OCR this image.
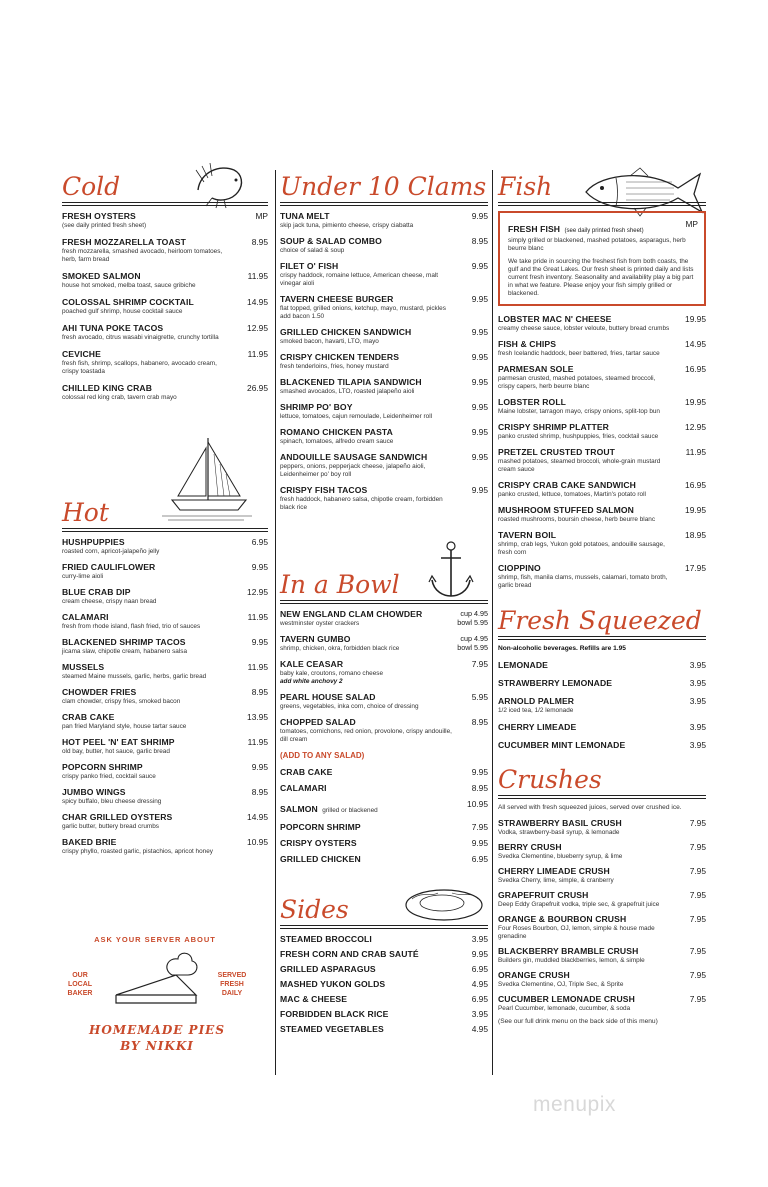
Cold
FRESH OYSTERS	MP
(see daily printed fresh sheet)
FRESH MOZZARELLA TOAST	8.95
fresh mozzarella, smashed avocado, heirloom tomatoes, herb, farm bread
SMOKED SALMON	11.95
house hot smoked, melba toast, sauce gribiche
COLOSSAL SHRIMP COCKTAIL	14.95
poached gulf shrimp, house cocktail sauce
AHI TUNA POKE TACOS	12.95
fresh avocado, citrus wasabi vinaigrette, crunchy tortilla
CEVICHE	11.95
fresh fish, shrimp, scallops, habanero, avocado cream, crispy toastada
CHILLED KING CRAB	26.95
colossal red king crab, tavern crab mayo
Hot
HUSHPUPPIES	6.95
roasted corn, apricot-jalapeño jelly
FRIED CAULIFLOWER	9.95
curry-lime aioli
BLUE CRAB DIP	12.95
cream cheese, crispy naan bread
CALAMARI	11.95
fresh from rhode island, flash fried, trio of sauces
BLACKENED SHRIMP TACOS	9.95
jicama slaw, chipotle cream, habanero salsa
MUSSELS	11.95
steamed Maine mussels, garlic, herbs, garlic bread
CHOWDER FRIES	8.95
clam chowder, crispy fries, smoked bacon
CRAB CAKE	13.95
pan fried Maryland style, house tartar sauce
HOT PEEL 'N' EAT SHRIMP	11.95
old bay, butter, hot sauce, garlic bread
POPCORN SHRIMP	9.95
crispy panko fried, cocktail sauce
JUMBO WINGS	8.95
spicy buffalo, bleu cheese dressing
CHAR GRILLED OYSTERS	14.95
garlic butter, buttery bread crumbs
BAKED BRIE	10.95
crispy phyllo, roasted garlic, pistachios, apricot honey
ASK YOUR SERVER ABOUT
OUR LOCAL BAKER
SERVED FRESH DAILY
HOMEMADE PIES
BY NIKKI
Under 10 Clams
TUNA MELT	9.95
skip jack tuna, pimiento cheese, crispy ciabatta
SOUP & SALAD COMBO	8.95
choice of salad & soup
FILET O' FISH	9.95
crispy haddock, romaine lettuce, American cheese, malt vinegar aioli
TAVERN CHEESE BURGER	9.95
flat topped, grilled onions, ketchup, mayo, mustard, pickles add bacon 1.50
GRILLED CHICKEN SANDWICH	9.95
smoked bacon, havarti, LTO, mayo
CRISPY CHICKEN TENDERS	9.95
fresh tenderloins, fries, honey mustard
BLACKENED TILAPIA SANDWICH	9.95
smashed avocados, LTO, roasted jalapeño aioli
SHRIMP PO' BOY	9.95
lettuce, tomatoes, cajun remoulade, Leidenheimer roll
ROMANO CHICKEN PASTA	9.95
spinach, tomatoes, alfredo cream sauce
ANDOUILLE SAUSAGE SANDWICH	9.95
peppers, onions, pepperjack cheese, jalapeño aioli, Leidenheimer po' boy roll
CRISPY FISH TACOS	9.95
fresh haddock, habanero salsa, chipotle cream, forbidden black rice
In a Bowl
NEW ENGLAND CLAM CHOWDER	cup 4.95
bowl 5.95
westminster oyster crackers
TAVERN GUMBO	cup 4.95
bowl 5.95
shrimp, chicken, okra, forbidden black rice
KALE CEASAR	7.95
baby kale, croutons, romano cheese
add white anchovy 2
PEARL HOUSE SALAD	5.95
greens, vegetables, inka corn, choice of dressing
CHOPPED SALAD	8.95
tomatoes, cornichons, red onion, provolone, crispy andouille, dill cream
(ADD TO ANY SALAD)
CRAB CAKE	9.95
CALAMARI	8.95
SALMON grilled or blackened
10.95
POPCORN SHRIMP	7.95
CRISPY OYSTERS	9.95
GRILLED CHICKEN	6.95
Sides
STEAMED BROCCOLI	3.95
FRESH CORN AND CRAB SAUTÉ	9.95
GRILLED ASPARAGUS	6.95
MASHED YUKON GOLDS	4.95
MAC & CHEESE	6.95
FORBIDDEN BLACK RICE	3.95
STEAMED VEGETABLES	4.95
Fish
FRESH FISH (see daily printed fresh sheet)
MP

simply grilled or blackened, mashed potatoes, asparagus, herb beurre blanc

We take pride in sourcing the freshest fish from both coasts, the gulf and the Great Lakes. Our fresh sheet is printed daily and lists current fresh inventory. Seasonality and availability play a big part in what we feature. Please enjoy your fish simply grilled or blackened.

LOBSTER MAC N' CHEESE	19.95
creamy cheese sauce, lobster veloute, buttery bread crumbs
FISH & CHIPS	14.95
fresh Icelandic haddock, beer battered, fries, tartar sauce
PARMESAN SOLE	16.95
parmesan crusted, mashed potatoes, steamed broccoli, crispy capers, herb beurre blanc
LOBSTER ROLL	19.95
Maine lobster, tarragon mayo, crispy onions, split-top bun
CRISPY SHRIMP PLATTER	12.95
panko crusted shrimp, hushpuppies, fries, cocktail sauce
PRETZEL CRUSTED TROUT	11.95
mashed potatoes, steamed broccoli, whole-grain mustard cream sauce
CRISPY CRAB CAKE SANDWICH	16.95
panko crusted, lettuce, tomatoes, Martin's potato roll
MUSHROOM STUFFED SALMON	19.95
roasted mushrooms, boursin cheese, herb beurre blanc
TAVERN BOIL	18.95
shrimp, crab legs, Yukon gold potatoes, andouille sausage, fresh corn
CIOPPINO	17.95
shrimp, fish, manila clams, mussels, calamari, tomato broth, garlic bread
Fresh Squeezed
Non-alcoholic beverages. Refills are 1.95
LEMONADE	3.95
STRAWBERRY LEMONADE	3.95
ARNOLD PALMER	3.95
1/2 iced tea, 1/2 lemonade
CHERRY LIMEADE	3.95
CUCUMBER MINT LEMONADE	3.95
Crushes
All served with fresh squeezed juices, served over crushed ice.
STRAWBERRY BASIL CRUSH	7.95
Vodka, strawberry-basil syrup, & lemonade
BERRY CRUSH	7.95
Svedka Clementine, blueberry syrup, & lime
CHERRY LIMEADE CRUSH	7.95
Svedka Cherry, lime, simple, & cranberry
GRAPEFRUIT CRUSH	7.95
Deep Eddy Grapefruit vodka, triple sec, & grapefruit juice
ORANGE & BOURBON CRUSH	7.95
Four Roses Bourbon, OJ, lemon, simple & house made grenadine
BLACKBERRY BRAMBLE CRUSH	7.95
Builders gin, muddled blackberries, lemon, & simple
ORANGE CRUSH	7.95
Svedka Clementine, OJ, Triple Sec, & Sprite
CUCUMBER LEMONADE CRUSH	7.95
Pearl Cucumber, lemonade, cucumber, & soda
(See our full drink menu on the back side of this menu)
menupix
